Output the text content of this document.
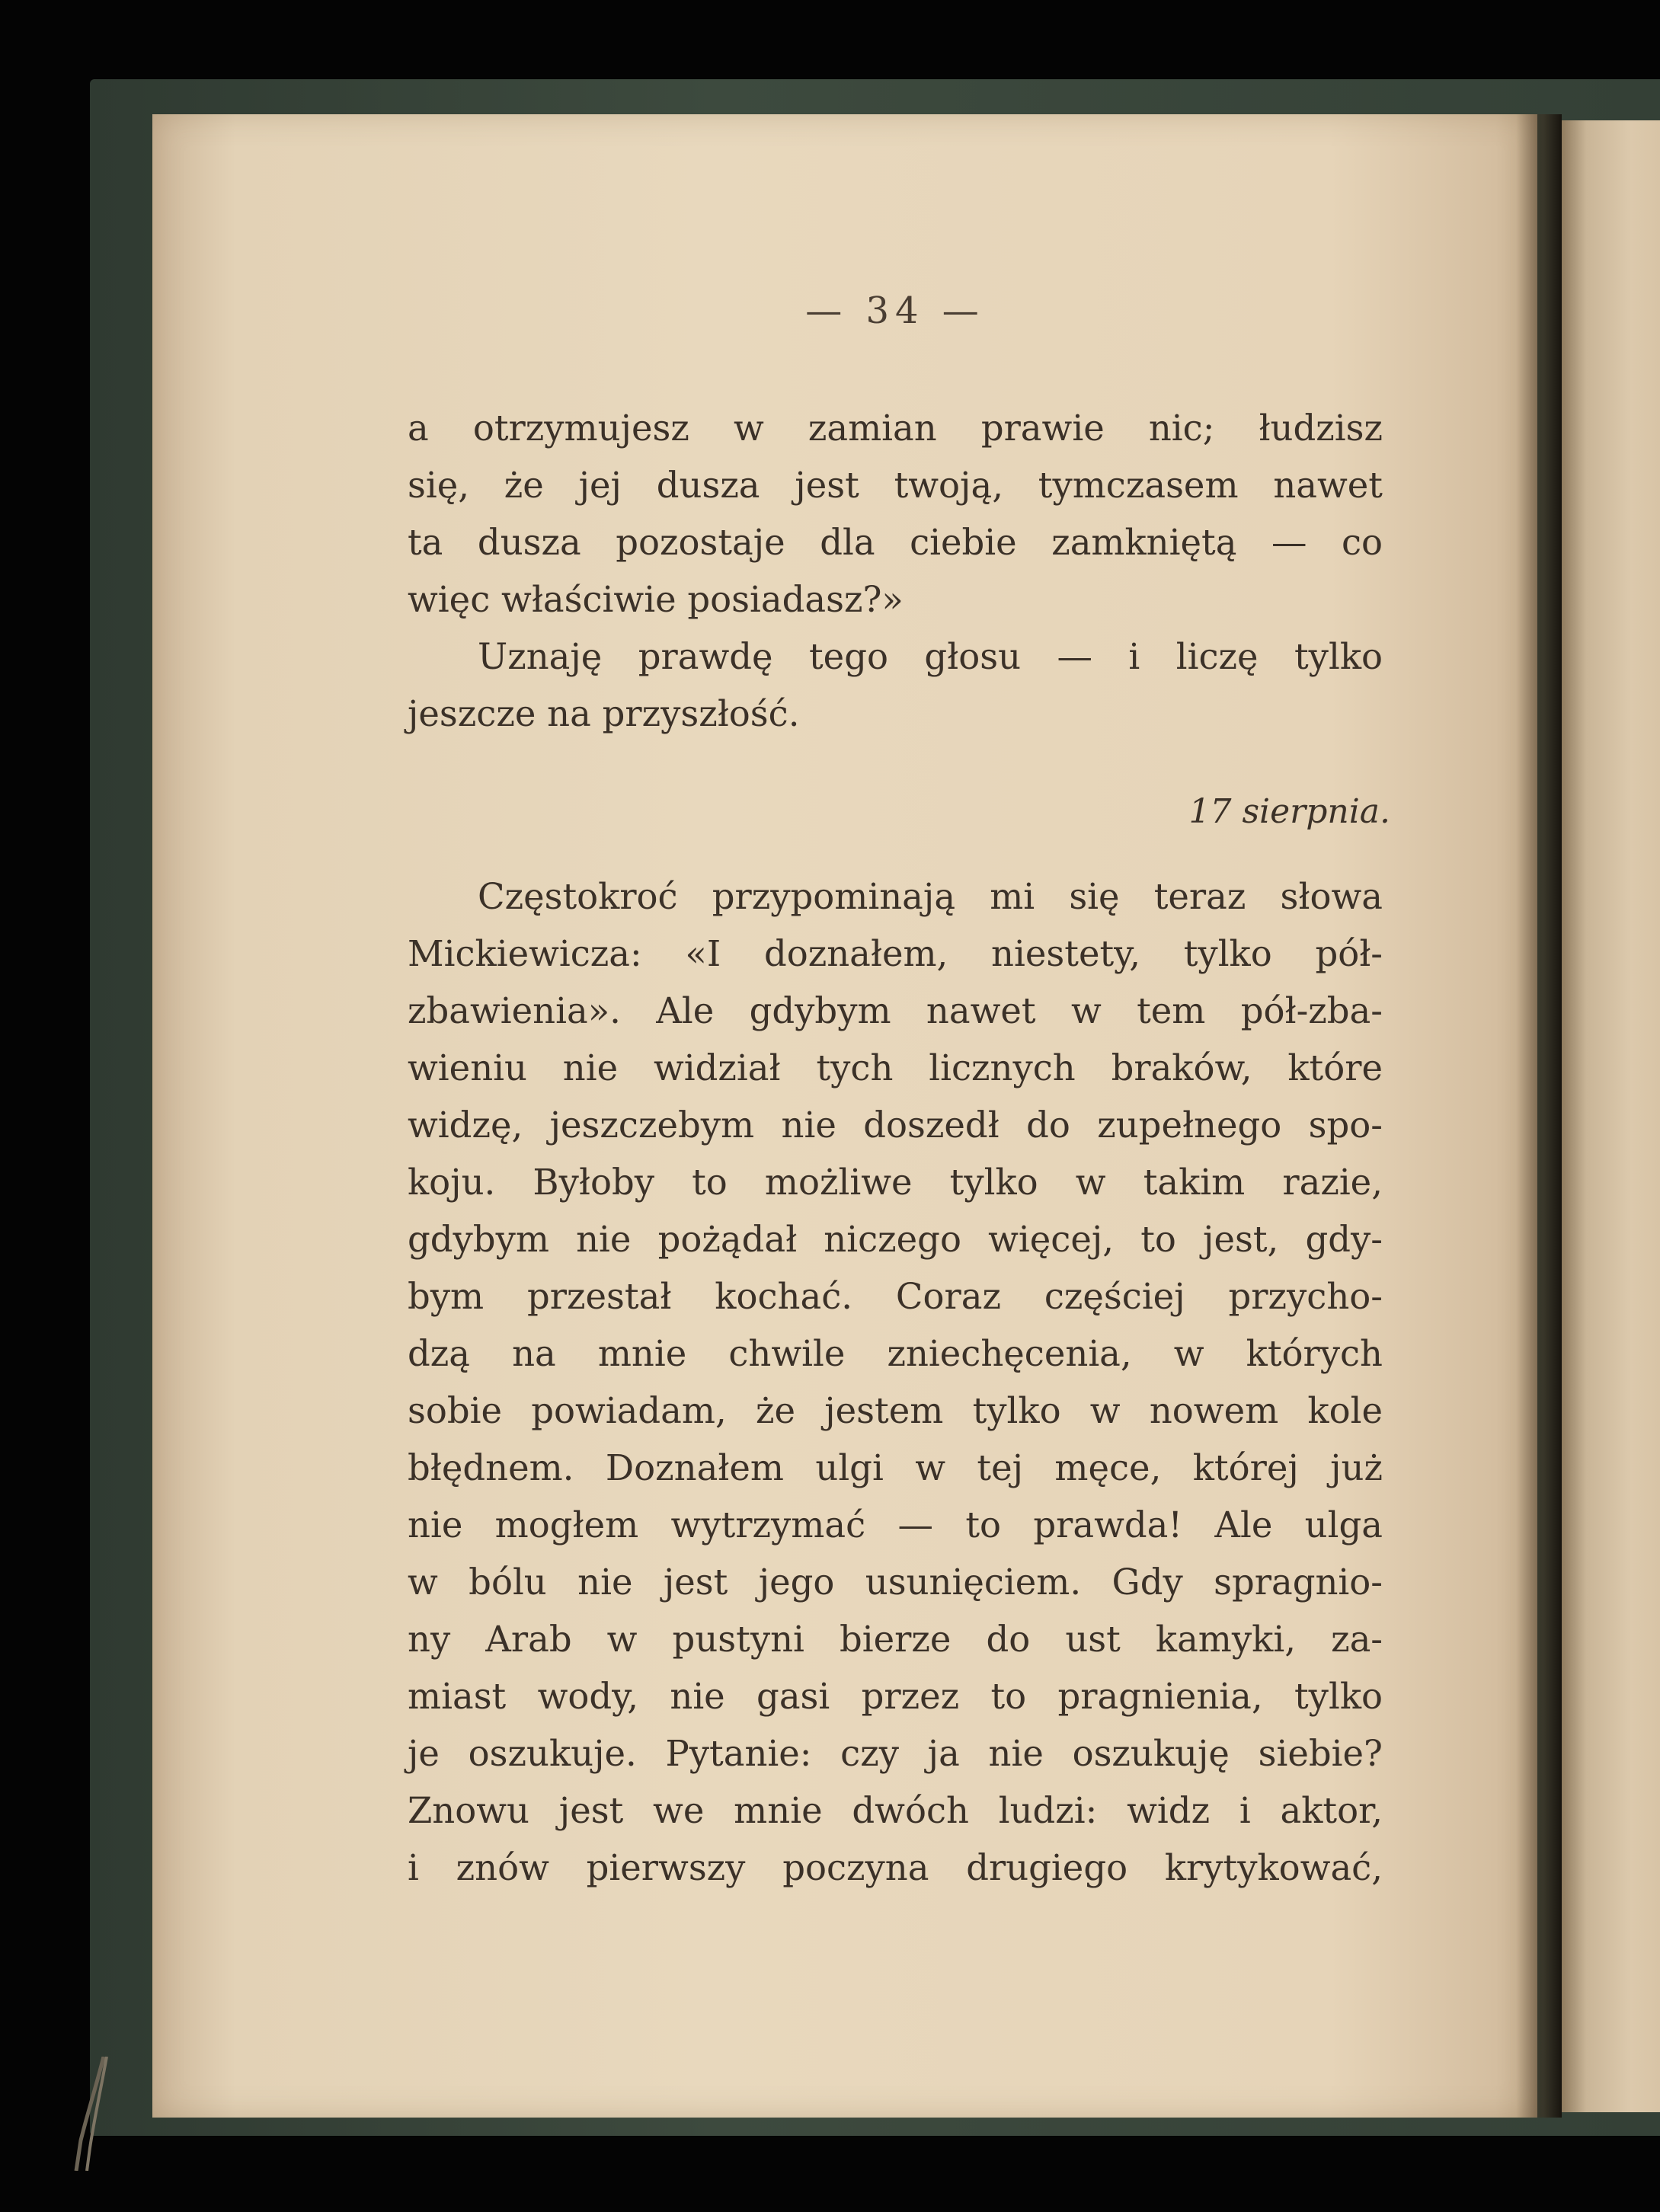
— 34 —
a otrzymujesz w zamian prawie nic; łudzisz
się, że jej dusza jest twoją, tymczasem nawet
ta dusza pozostaje dla ciebie zamkniętą — co
więc właściwie posiadasz?»
Uznaję prawdę tego głosu — i liczę tylko
jeszcze na przyszłość.
17 sierpnia.
Częstokroć przypominają mi się teraz słowa
Mickiewicza: «I doznałem, niestety, tylko pół-
zbawienia». Ale gdybym nawet w tem pół-zba-
wieniu nie widział tych licznych braków, które
widzę, jeszczebym nie doszedł do zupełnego spo-
koju. Byłoby to możliwe tylko w takim razie,
gdybym nie pożądał niczego więcej, to jest, gdy-
bym przestał kochać. Coraz częściej przycho-
dzą na mnie chwile zniechęcenia, w których
sobie powiadam, że jestem tylko w nowem kole
błędnem. Doznałem ulgi w tej męce, której już
nie mogłem wytrzymać — to prawda! Ale ulga
w bólu nie jest jego usunięciem. Gdy spragnio-
ny Arab w pustyni bierze do ust kamyki, za-
miast wody, nie gasi przez to pragnienia, tylko
je oszukuje. Pytanie: czy ja nie oszukuję siebie?
Znowu jest we mnie dwóch ludzi: widz i aktor,
i znów pierwszy poczyna drugiego krytykować,
